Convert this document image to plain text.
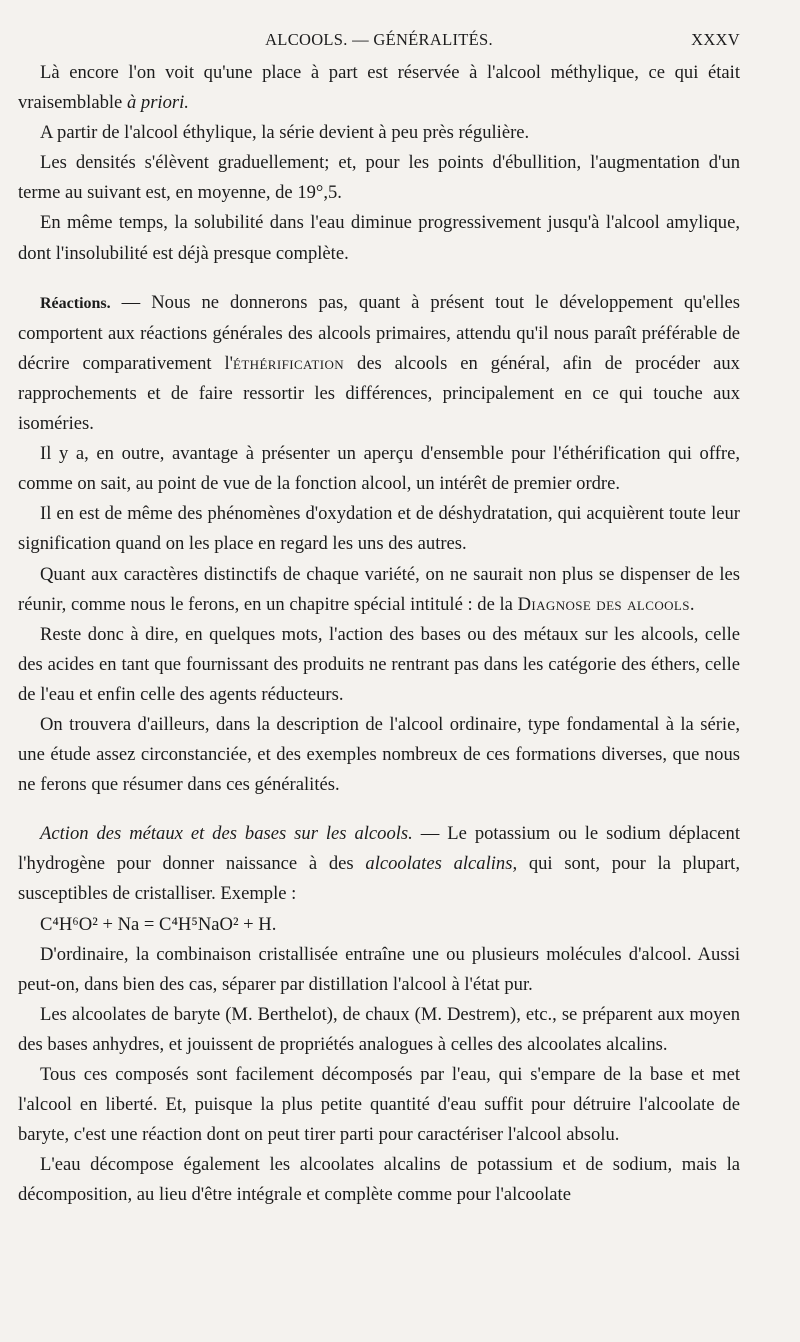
ALCOOLS. — GÉNÉRALITÉS.	XXXV

Là encore l'on voit qu'une place à part est réservée à l'alcool méthylique, ce qui était vraisemblable à priori.

A partir de l'alcool éthylique, la série devient à peu près régulière.

Les densités s'élèvent graduellement; et, pour les points d'ébullition, l'augmentation d'un terme au suivant est, en moyenne, de 19°,5.

En même temps, la solubilité dans l'eau diminue progressivement jusqu'à l'alcool amylique, dont l'insolubilité est déjà presque complète.

Réactions. — Nous ne donnerons pas, quant à présent tout le développement qu'elles comportent aux réactions générales des alcools primaires, attendu qu'il nous paraît préférable de décrire comparativement l'éthérification des alcools en général, afin de procéder aux rapprochements et de faire ressortir les différences, principalement en ce qui touche aux isoméries.

Il y a, en outre, avantage à présenter un aperçu d'ensemble pour l'éthérification qui offre, comme on sait, au point de vue de la fonction alcool, un intérêt de premier ordre.

Il en est de même des phénomènes d'oxydation et de déshydratation, qui acquièrent toute leur signification quand on les place en regard les uns des autres.

Quant aux caractères distinctifs de chaque variété, on ne saurait non plus se dispenser de les réunir, comme nous le ferons, en un chapitre spécial intitulé : de la Diagnose des alcools.

Reste donc à dire, en quelques mots, l'action des bases ou des métaux sur les alcools, celle des acides en tant que fournissant des produits ne rentrant pas dans les catégorie des éthers, celle de l'eau et enfin celle des agents réducteurs.

On trouvera d'ailleurs, dans la description de l'alcool ordinaire, type fondamental à la série, une étude assez circonstanciée, et des exemples nombreux de ces formations diverses, que nous ne ferons que résumer dans ces généralités.

Action des métaux et des bases sur les alcools. — Le potassium ou le sodium déplacent l'hydrogène pour donner naissance à des alcoolates alcalins, qui sont, pour la plupart, susceptibles de cristalliser. Exemple :

C⁴H⁶O² + Na = C⁴H⁵NaO² + H.

D'ordinaire, la combinaison cristallisée entraîne une ou plusieurs molécules d'alcool. Aussi peut-on, dans bien des cas, séparer par distillation l'alcool à l'état pur.

Les alcoolates de baryte (M. Berthelot), de chaux (M. Destrem), etc., se préparent aux moyen des bases anhydres, et jouissent de propriétés analogues à celles des alcoolates alcalins.

Tous ces composés sont facilement décomposés par l'eau, qui s'empare de la base et met l'alcool en liberté. Et, puisque la plus petite quantité d'eau suffit pour détruire l'alcoolate de baryte, c'est une réaction dont on peut tirer parti pour caractériser l'alcool absolu.

L'eau décompose également les alcoolates alcalins de potassium et de sodium, mais la décomposition, au lieu d'être intégrale et complète comme pour l'alcoolate
